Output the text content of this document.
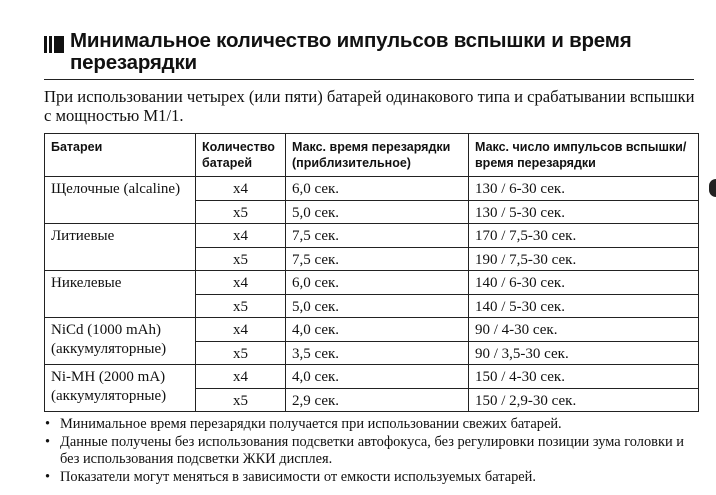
Минимальное количество импульсов вспышки и время перезарядки
При использовании четырех (или пяти) батарей одинакового типа и срабатывании вспышки с мощностью M1/1.
Батареи	Количество батарей	Макс. время перезарядки (приблизительное)	Макс. число импульсов вспышки/ время перезарядки
Щелочные (alcaline)	x4	6,0 сек.	130 / 6-30 сек.
	x5	5,0 сек.	130 / 5-30 сек.
Литиевые	x4	7,5 сек.	170 / 7,5-30 сек.
	x5	7,5 сек.	190 / 7,5-30 сек.
Никелевые	x4	6,0 сек.	140 / 6-30 сек.
	x5	5,0 сек.	140 / 5-30 сек.
NiCd (1000 mAh) (аккумуляторные)	x4	4,0 сек.	90 / 4-30 сек.
	x5	3,5 сек.	90 / 3,5-30 сек.
Ni-MH (2000 mA) (аккумуляторные)	x4	4,0 сек.	150 / 4-30 сек.
	x5	2,9 сек.	150 / 2,9-30 сек.
• Минимальное время перезарядки получается при использовании свежих батарей.
• Данные получены без использования подсветки автофокуса, без регулировки позиции зума головки и без использования подсветки ЖКИ дисплея.
• Показатели могут меняться в зависимости от емкости используемых батарей.
